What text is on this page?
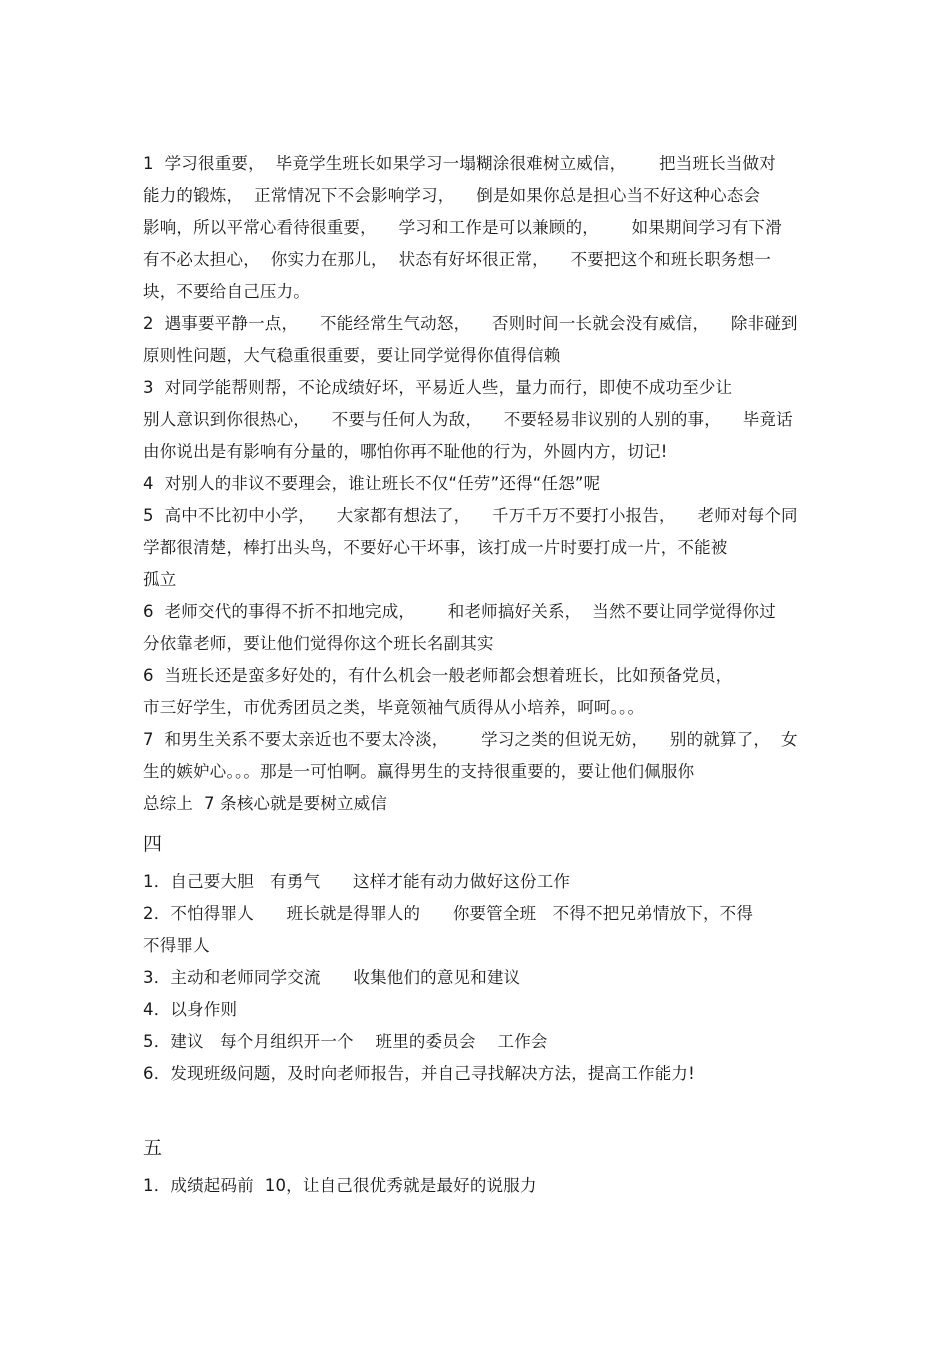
1  学习很重要，  毕竟学生班长如果学习一塌糊涂很难树立威信，      把当班长当做对
能力的锻炼，  正常情况下不会影响学习，    倒是如果你总是担心当不好这种心态会
影响，所以平常心看待很重要，    学习和工作是可以兼顾的，      如果期间学习有下滑
有不必太担心，  你实力在那儿，  状态有好坏很正常，    不要把这个和班长职务想一
块，不要给自己压力。
2  遇事要平静一点，    不能经常生气动怒，    否则时间一长就会没有威信，    除非碰到
原则性问题，大气稳重很重要，要让同学觉得你值得信赖
3  对同学能帮则帮，不论成绩好坏，平易近人些，量力而行，即使不成功至少让
别人意识到你很热心，    不要与任何人为敌，    不要轻易非议别的人别的事，    毕竟话
由你说出是有影响有分量的，哪怕你再不耻他的行为，外圆内方，切记!
4  对别人的非议不要理会，谁让班长不仅“任劳”还得“任怨”呢
5  高中不比初中小学，    大家都有想法了，    千万千万不要打小报告，    老师对每个同
学都很清楚，棒打出头鸟，不要好心干坏事，该打成一片时要打成一片，不能被
孤立
6  老师交代的事得不折不扣地完成，      和老师搞好关系，  当然不要让同学觉得你过
分依靠老师，要让他们觉得你这个班长名副其实
6  当班长还是蛮多好处的，有什么机会一般老师都会想着班长，比如预备党员，
市三好学生，市优秀团员之类，毕竟领袖气质得从小培养，呵呵。。。
7  和男生关系不要太亲近也不要太冷淡，      学习之类的但说无妨，    别的就算了，  女
生的嫉妒心。。。那是一可怕啊。赢得男生的支持很重要的，要让他们佩服你
总综上  7 条核心就是要树立威信
四
1．自己要大胆   有勇气      这样才能有动力做好这份工作
2．不怕得罪人      班长就是得罪人的      你要管全班   不得不把兄弟情放下，不得
不得罪人
3．主动和老师同学交流      收集他们的意见和建议
4．以身作则
5．建议   每个月组织开一个    班里的委员会    工作会
6．发现班级问题，及时向老师报告，并自己寻找解决方法，提高工作能力!
五
1．成绩起码前  10，让自己很优秀就是最好的说服力
